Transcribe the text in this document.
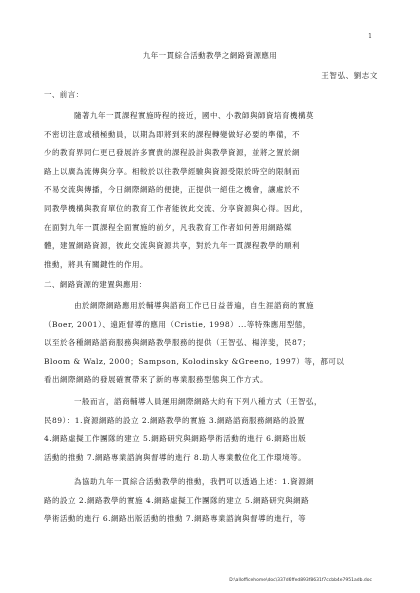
1
九年一貫綜合活動教學之網路資源應用
王智弘、劉志文
一、前言：
隨著九年一貫課程實施時程的接近，國中、小教師與師資培育機構莫
不密切注意或積極動員，以期為即將到來的課程轉變做好必要的準備，不
少的教育界同仁更已發展許多寶貴的課程設計與教學資源，並將之置於網
路上以廣為流傳與分享。相較於以往教學經驗與資源受限於時空的限制而
不易交流與傳播，今日網際網路的便捷，正提供一絕佳之機會，讓處於不
同教學機構與教育單位的教育工作者能彼此交流、分享資源與心得。因此，
在面對九年一貫課程全面實施的前夕，凡我教育工作者如何善用網路媒
體，建置網路資源，彼此交流與資源共享，對於九年一貫課程教學的順利
推動，將具有關鍵性的作用。
二、網路資源的建置與應用：
由於網際網路應用於輔導與諮商工作已日益普遍，自生涯諮商的實施
（Boer, 2001）、遠距督導的應用（Cristie, 1998）...等特殊應用型態，
以至於各種網路諮商服務與網路教學服務的提供（王智弘、楊淳斐，民87；
Bloom & Walz, 2000；Sampson, Kolodinsky &Greeno, 1997）等，都可以
看出網際網路的發展確實帶來了新的專業服務型態與工作方式。
一般而言，諮商輔導人員運用網際網路大約有下列八種方式（王智弘，
民89）：1.資源網路的設立 2.網路教學的實施 3.網路諮商服務網路的設置
4.網路虛擬工作團隊的建立 5.網路研究與網路學術活動的進行 6.網路出版
活動的推動 7.網路專業諮詢與督導的進行 8.助人專業數位化工作環境等。
為協助九年一貫綜合活動教學的推動，我們可以透過上述：1.資源網
路的設立 2.網路教學的實施 4.網路虛擬工作團隊的建立 5.網路研究與網路
學術活動的進行 6.網路出版活動的推動 7.網路專業諮詢與督導的進行，等
D:\allofficehome\doc\337d6ffed893f8631f7ccbb4e7951adb.doc
